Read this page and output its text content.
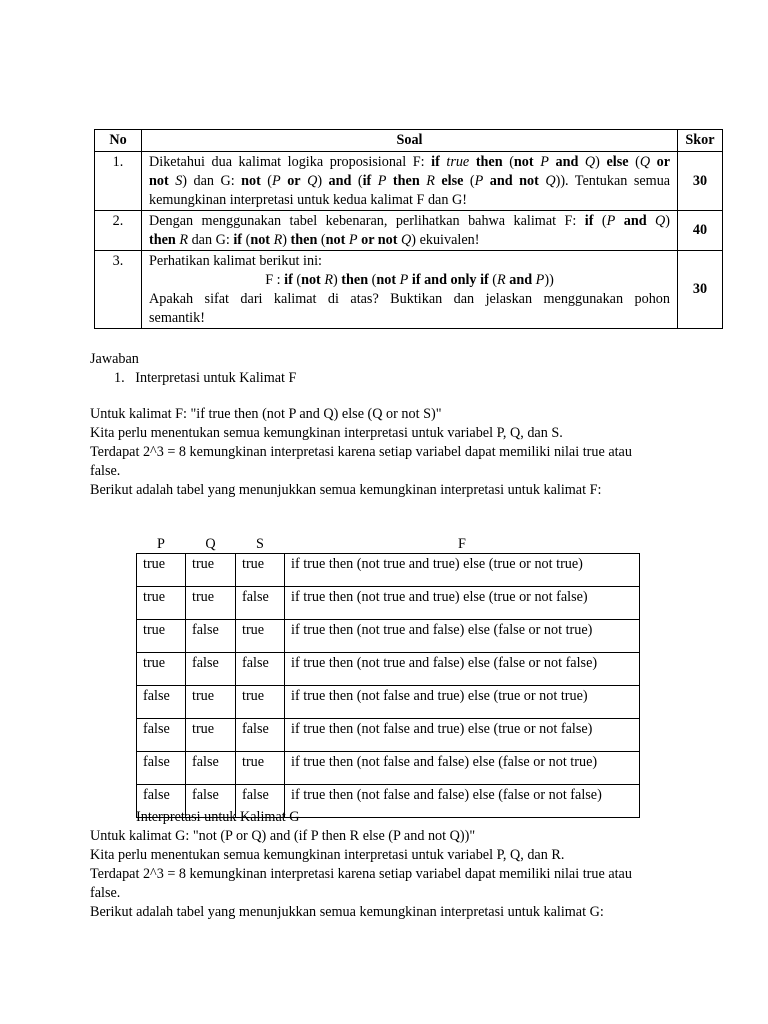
No	Soal	Skor
1.	Diketahui dua kalimat logika proposisional F: if true then (not P and Q) else (Q or
not S) dan G: not (P or Q) and (if P then R else (P and not Q)). Tentukan semua
kemungkinan interpretasi untuk kedua kalimat F dan G!	30
2.	Dengan menggunakan tabel kebenaran, perlihatkan bahwa kalimat F: if (P and Q)
then R dan G: if (not R) then (not P or not Q) ekuivalen!	40
3.	Perhatikan kalimat berikut ini:
F : if (not R) then (not P if and only if (R and P))
Apakah sifat dari kalimat di atas? Buktikan dan jelaskan menggunakan pohon
semantik!	30
Jawaban
1. Interpretasi untuk Kalimat F
Untuk kalimat F: "if true then (not P and Q) else (Q or not S)"
Kita perlu menentukan semua kemungkinan interpretasi untuk variabel P, Q, dan S.
Terdapat 2^3 = 8 kemungkinan interpretasi karena setiap variabel dapat memiliki nilai true atau
false.
Berikut adalah tabel yang menunjukkan semua kemungkinan interpretasi untuk kalimat F:
P	Q	S	F
true	true	true	if true then (not true and true) else (true or not true)
true	true	false	if true then (not true and true) else (true or not false)
true	false	true	if true then (not true and false) else (false or not true)
true	false	false	if true then (not true and false) else (false or not false)
false	true	true	if true then (not false and true) else (true or not true)
false	true	false	if true then (not false and true) else (true or not false)
false	false	true	if true then (not false and false) else (false or not true)
false	false	false	if true then (not false and false) else (false or not false)
Interpretasi untuk Kalimat G
Untuk kalimat G: "not (P or Q) and (if P then R else (P and not Q))"
Kita perlu menentukan semua kemungkinan interpretasi untuk variabel P, Q, dan R.
Terdapat 2^3 = 8 kemungkinan interpretasi karena setiap variabel dapat memiliki nilai true atau
false.
Berikut adalah tabel yang menunjukkan semua kemungkinan interpretasi untuk kalimat G:
